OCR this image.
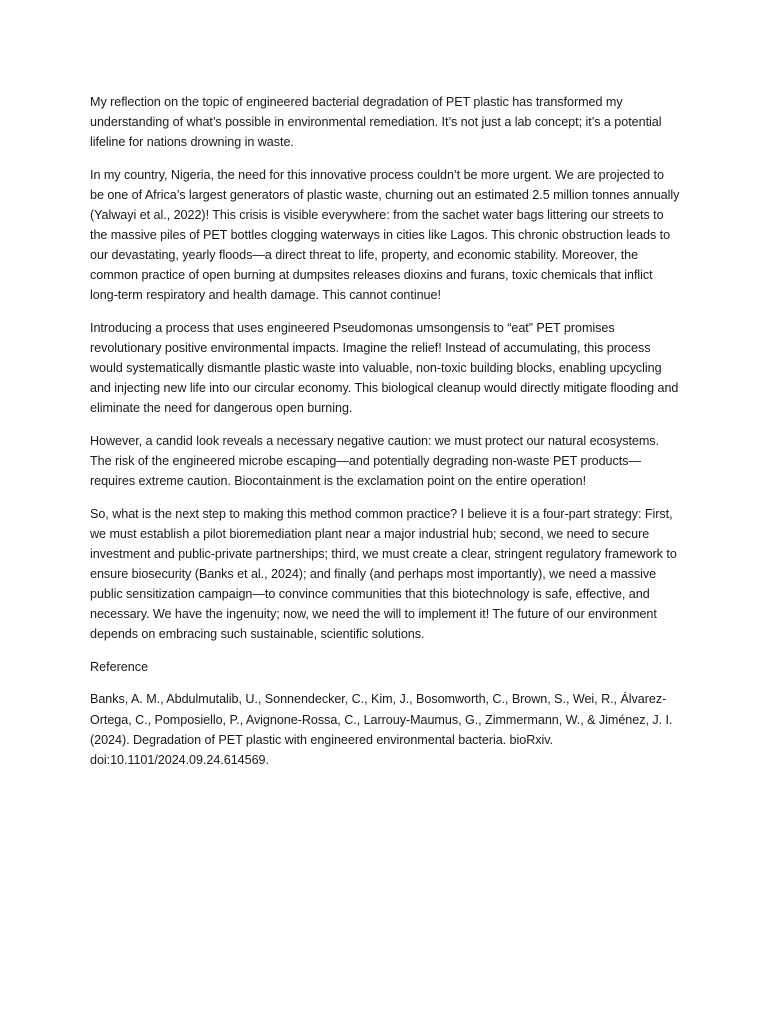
My reflection on the topic of engineered bacterial degradation of PET plastic has transformed my understanding of what’s possible in environmental remediation. It’s not just a lab concept; it’s a potential lifeline for nations drowning in waste.

In my country, Nigeria, the need for this innovative process couldn’t be more urgent. We are projected to be one of Africa’s largest generators of plastic waste, churning out an estimated 2.5 million tonnes annually (Yalwayi et al., 2022)! This crisis is visible everywhere: from the sachet water bags littering our streets to the massive piles of PET bottles clogging waterways in cities like Lagos. This chronic obstruction leads to our devastating, yearly floods—a direct threat to life, property, and economic stability. Moreover, the common practice of open burning at dumpsites releases dioxins and furans, toxic chemicals that inflict long-term respiratory and health damage. This cannot continue!

Introducing a process that uses engineered Pseudomonas umsongensis to “eat” PET promises revolutionary positive environmental impacts. Imagine the relief! Instead of accumulating, this process would systematically dismantle plastic waste into valuable, non-toxic building blocks, enabling upcycling and injecting new life into our circular economy. This biological cleanup would directly mitigate flooding and eliminate the need for dangerous open burning.

However, a candid look reveals a necessary negative caution: we must protect our natural ecosystems. The risk of the engineered microbe escaping—and potentially degrading non-waste PET products—requires extreme caution. Biocontainment is the exclamation point on the entire operation!

So, what is the next step to making this method common practice? I believe it is a four-part strategy: First, we must establish a pilot bioremediation plant near a major industrial hub; second, we need to secure investment and public-private partnerships; third, we must create a clear, stringent regulatory framework to ensure biosecurity (Banks et al., 2024); and finally (and perhaps most importantly), we need a massive public sensitization campaign—to convince communities that this biotechnology is safe, effective, and necessary. We have the ingenuity; now, we need the will to implement it! The future of our environment depends on embracing such sustainable, scientific solutions.

Reference

Banks, A. M., Abdulmutalib, U., Sonnendecker, C., Kim, J., Bosomworth, C., Brown, S., Wei, R., Álvarez-Ortega, C., Pomposiello, P., Avignone-Rossa, C., Larrouy-Maumus, G., Zimmermann, W., & Jiménez, J. I. (2024). Degradation of PET plastic with engineered environmental bacteria. bioRxiv. doi:10.1101/2024.09.24.614569.
